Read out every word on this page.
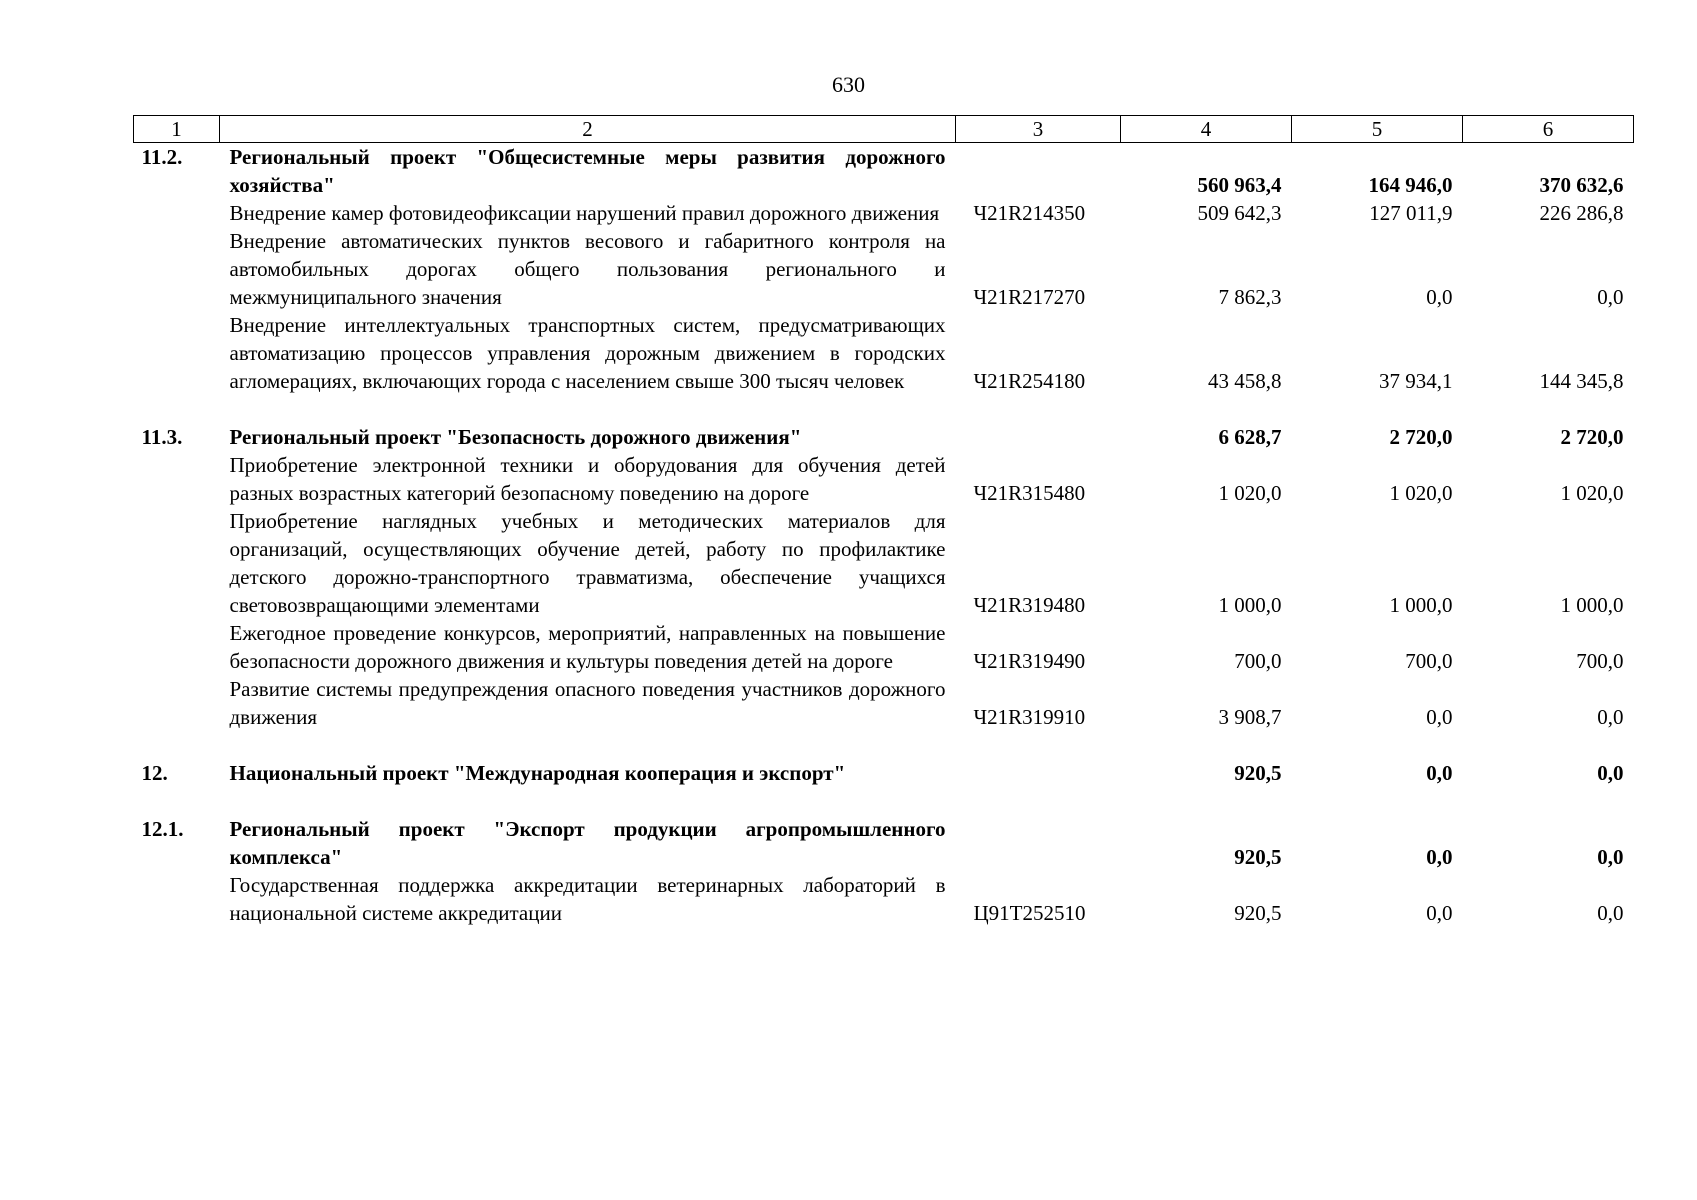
630
1	2	3	4	5	6
11.2.	Региональный проект "Общесистемные меры развития дорожного хозяйства"		560 963,4	164 946,0	370 632,6
	Внедрение камер фотовидеофиксации нарушений правил дорожного движения	Ч21R214350	509 642,3	127 011,9	226 286,8
	Внедрение автоматических пунктов весового и габаритного контроля на автомобильных дорогах общего пользования регионального и межмуниципального значения	Ч21R217270	7 862,3	0,0	0,0
	Внедрение интеллектуальных транспортных систем, предусматривающих автоматизацию процессов управления дорожным движением в городских агломерациях, включающих города с населением свыше 300 тысяч человек	Ч21R254180	43 458,8	37 934,1	144 345,8
11.3.	Региональный проект "Безопасность дорожного движения"		6 628,7	2 720,0	2 720,0
	Приобретение электронной техники и оборудования для обучения детей разных возрастных категорий безопасному поведению на дороге	Ч21R315480	1 020,0	1 020,0	1 020,0
	Приобретение наглядных учебных и методических материалов для организаций, осуществляющих обучение детей, работу по профилактике детского дорожно-транспортного травматизма, обеспечение учащихся световозвращающими элементами	Ч21R319480	1 000,0	1 000,0	1 000,0
	Ежегодное проведение конкурсов, мероприятий, направленных на повышение безопасности дорожного движения и культуры поведения детей на дороге	Ч21R319490	700,0	700,0	700,0
	Развитие системы предупреждения опасного поведения участников дорожного движения	Ч21R319910	3 908,7	0,0	0,0
12.	Национальный проект "Международная кооперация и экспорт"		920,5	0,0	0,0
12.1.	Региональный проект "Экспорт продукции агропромышленного комплекса"		920,5	0,0	0,0
	Государственная поддержка аккредитации ветеринарных лабораторий в национальной системе аккредитации	Ц91Т252510	920,5	0,0	0,0
